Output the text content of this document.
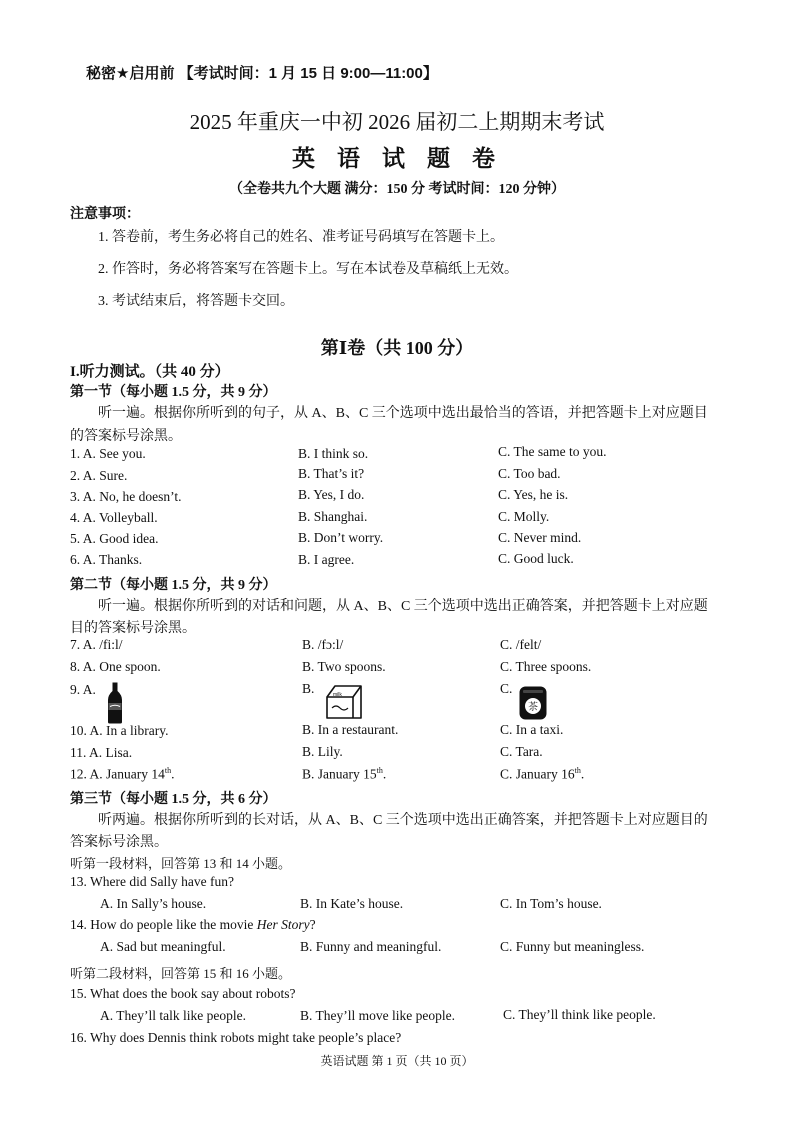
秘密★启用前 【考试时间：1 月 15 日 9:00—11:00】
2025 年重庆一中初 2026 届初二上期期末考试
英 语 试 题 卷
（全卷共九个大题 满分：150 分 考试时间：120 分钟）
注意事项：
1. 答卷前，考生务必将自己的姓名、准考证号码填写在答题卡上。
2. 作答时，务必将答案写在答题卡上。写在本试卷及草稿纸上无效。
3. 考试结束后，将答题卡交回。
第Ⅰ卷（共 100 分）
I.听力测试。（共 40 分）
第一节（每小题 1.5 分，共 9 分）
听一遍。根据你所听到的句子，从 A、B、C 三个选项中选出最恰当的答语，并把答题卡上对应题目
的答案标号涂黑。
1. A. See you.	B. I think so.	C. The same to you.
2. A. Sure.	B. That’s it?	C. Too bad.
3. A. No, he doesn’t.	B. Yes, I do.	C. Yes, he is.
4. A. Volleyball.	B. Shanghai.	C. Molly.
5. A. Good idea.	B. Don’t worry.	C. Never mind.
6. A. Thanks.	B. I agree.	C. Good luck.
第二节（每小题 1.5 分，共 9 分）
听一遍。根据你所听到的对话和问题，从 A、B、C 三个选项中选出正确答案，并把答题卡上对应题
目的答案标号涂黑。
7. A. /fi:l/	B. /fɔ:l/	C. /felt/
8. A. One spoon.	B. Two spoons.	C. Three spoons.
9. A.	B.	C.
milk
茶
10. A. In a library.	B. In a restaurant.	C. In a taxi.
11. A. Lisa.	B. Lily.	C. Tara.
12. A. January 14th.	B. January 15th.	C. January 16th.
第三节（每小题 1.5 分，共 6 分）
听两遍。根据你所听到的长对话，从 A、B、C 三个选项中选出正确答案，并把答题卡上对应题目的
答案标号涂黑。
听第一段材料，回答第 13 和 14 小题。
13. Where did Sally have fun?
A. In Sally’s house.	B. In Kate’s house.	C. In Tom’s house.
14. How do people like the movie Her Story?
A. Sad but meaningful.	B. Funny and meaningful.	C. Funny but meaningless.
听第二段材料，回答第 15 和 16 小题。
15. What does the book say about robots?
A. They’ll talk like people.	B. They’ll move like people.	C. They’ll think like people.
16. Why does Dennis think robots might take people’s place?
英语试题 第 1 页（共 10 页）
